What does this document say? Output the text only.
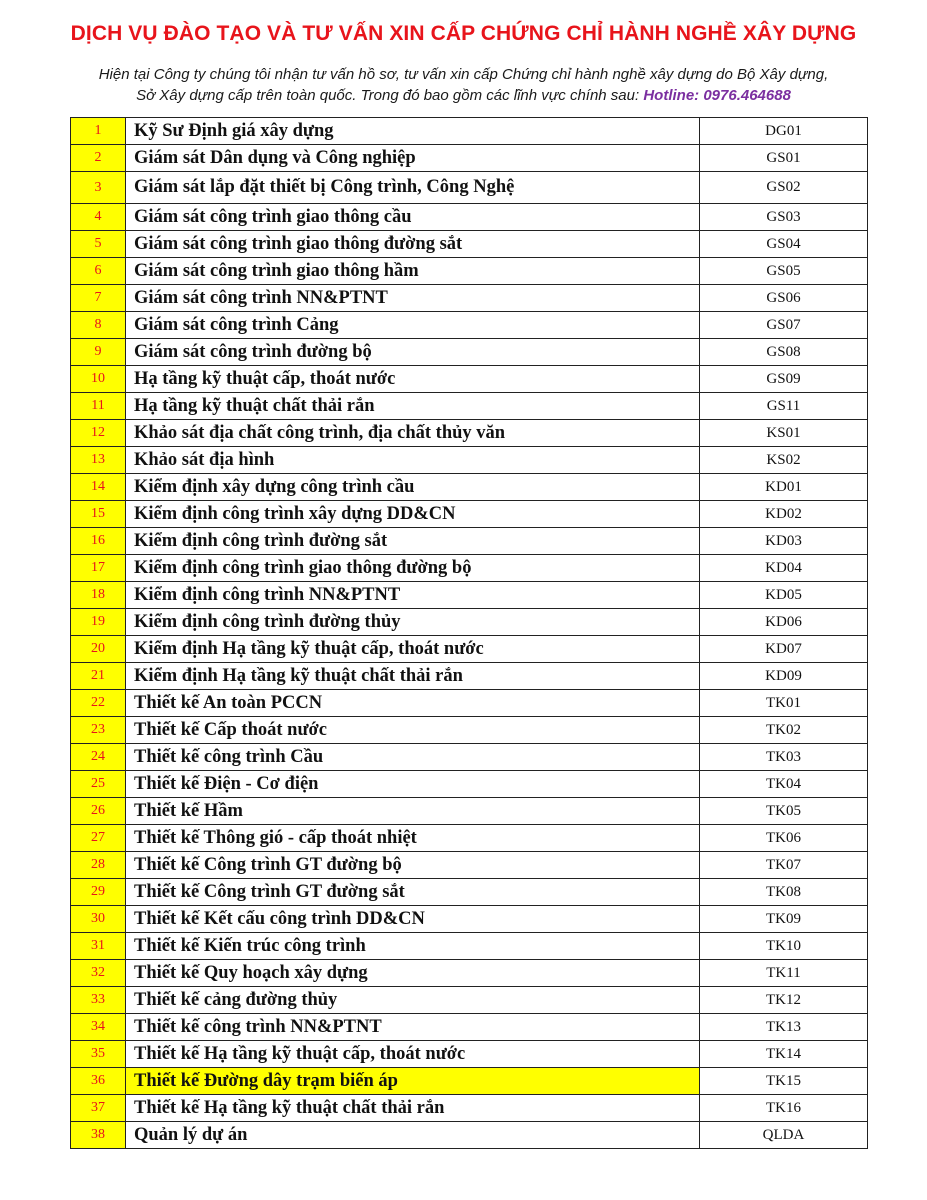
DỊCH VỤ ĐÀO TẠO VÀ TƯ VẤN XIN CẤP CHỨNG CHỈ HÀNH NGHỀ XÂY DỰNG
Hiện tại Công ty chúng tôi nhận tư vấn hồ sơ, tư vấn xin cấp Chứng chỉ hành nghề xây dựng do Bộ Xây dựng,
Sở Xây dựng cấp trên toàn quốc. Trong đó bao gồm các lĩnh vực chính sau: Hotline: 0976.464688
1	Kỹ Sư Định giá xây dựng	DG01
2	Giám sát Dân dụng và Công nghiệp	GS01
3	Giám sát lắp đặt thiết bị Công trình, Công Nghệ	GS02
4	Giám sát công trình giao thông cầu	GS03
5	Giám sát công trình giao thông đường sắt	GS04
6	Giám sát công trình giao thông hầm	GS05
7	Giám sát công trình NN&PTNT	GS06
8	Giám sát công trình Cảng	GS07
9	Giám sát công trình đường bộ	GS08
10	Hạ tầng kỹ thuật cấp, thoát nước	GS09
11	Hạ tầng kỹ thuật chất thải rắn	GS11
12	Khảo sát địa chất công trình, địa chất thủy văn	KS01
13	Khảo sát địa hình	KS02
14	Kiểm định xây dựng công trình cầu	KD01
15	Kiểm định công trình xây dựng DD&CN	KD02
16	Kiểm định công trình đường sắt	KD03
17	Kiểm định công trình giao thông đường bộ	KD04
18	Kiểm định công trình NN&PTNT	KD05
19	Kiểm định công trình đường thủy	KD06
20	Kiểm định Hạ tầng kỹ thuật cấp, thoát nước	KD07
21	Kiểm định Hạ tầng kỹ thuật chất thải rắn	KD09
22	Thiết kế An toàn PCCN	TK01
23	Thiết kế Cấp thoát nước	TK02
24	Thiết kế công trình Cầu	TK03
25	Thiết kế Điện - Cơ điện	TK04
26	Thiết kế Hầm	TK05
27	Thiết kế Thông gió - cấp thoát nhiệt	TK06
28	Thiết kế Công trình GT đường bộ	TK07
29	Thiết kế Công trình GT đường sắt	TK08
30	Thiết kế Kết cấu công trình DD&CN	TK09
31	Thiết kế Kiến trúc công trình	TK10
32	Thiết kế Quy hoạch xây dựng	TK11
33	Thiết kế cảng đường thủy	TK12
34	Thiết kế công trình NN&PTNT	TK13
35	Thiết kế Hạ tầng kỹ thuật cấp, thoát nước	TK14
36	Thiết kế Đường dây trạm biến áp	TK15
37	Thiết kế Hạ tầng kỹ thuật chất thải rắn	TK16
38	Quản lý dự án	QLDA
